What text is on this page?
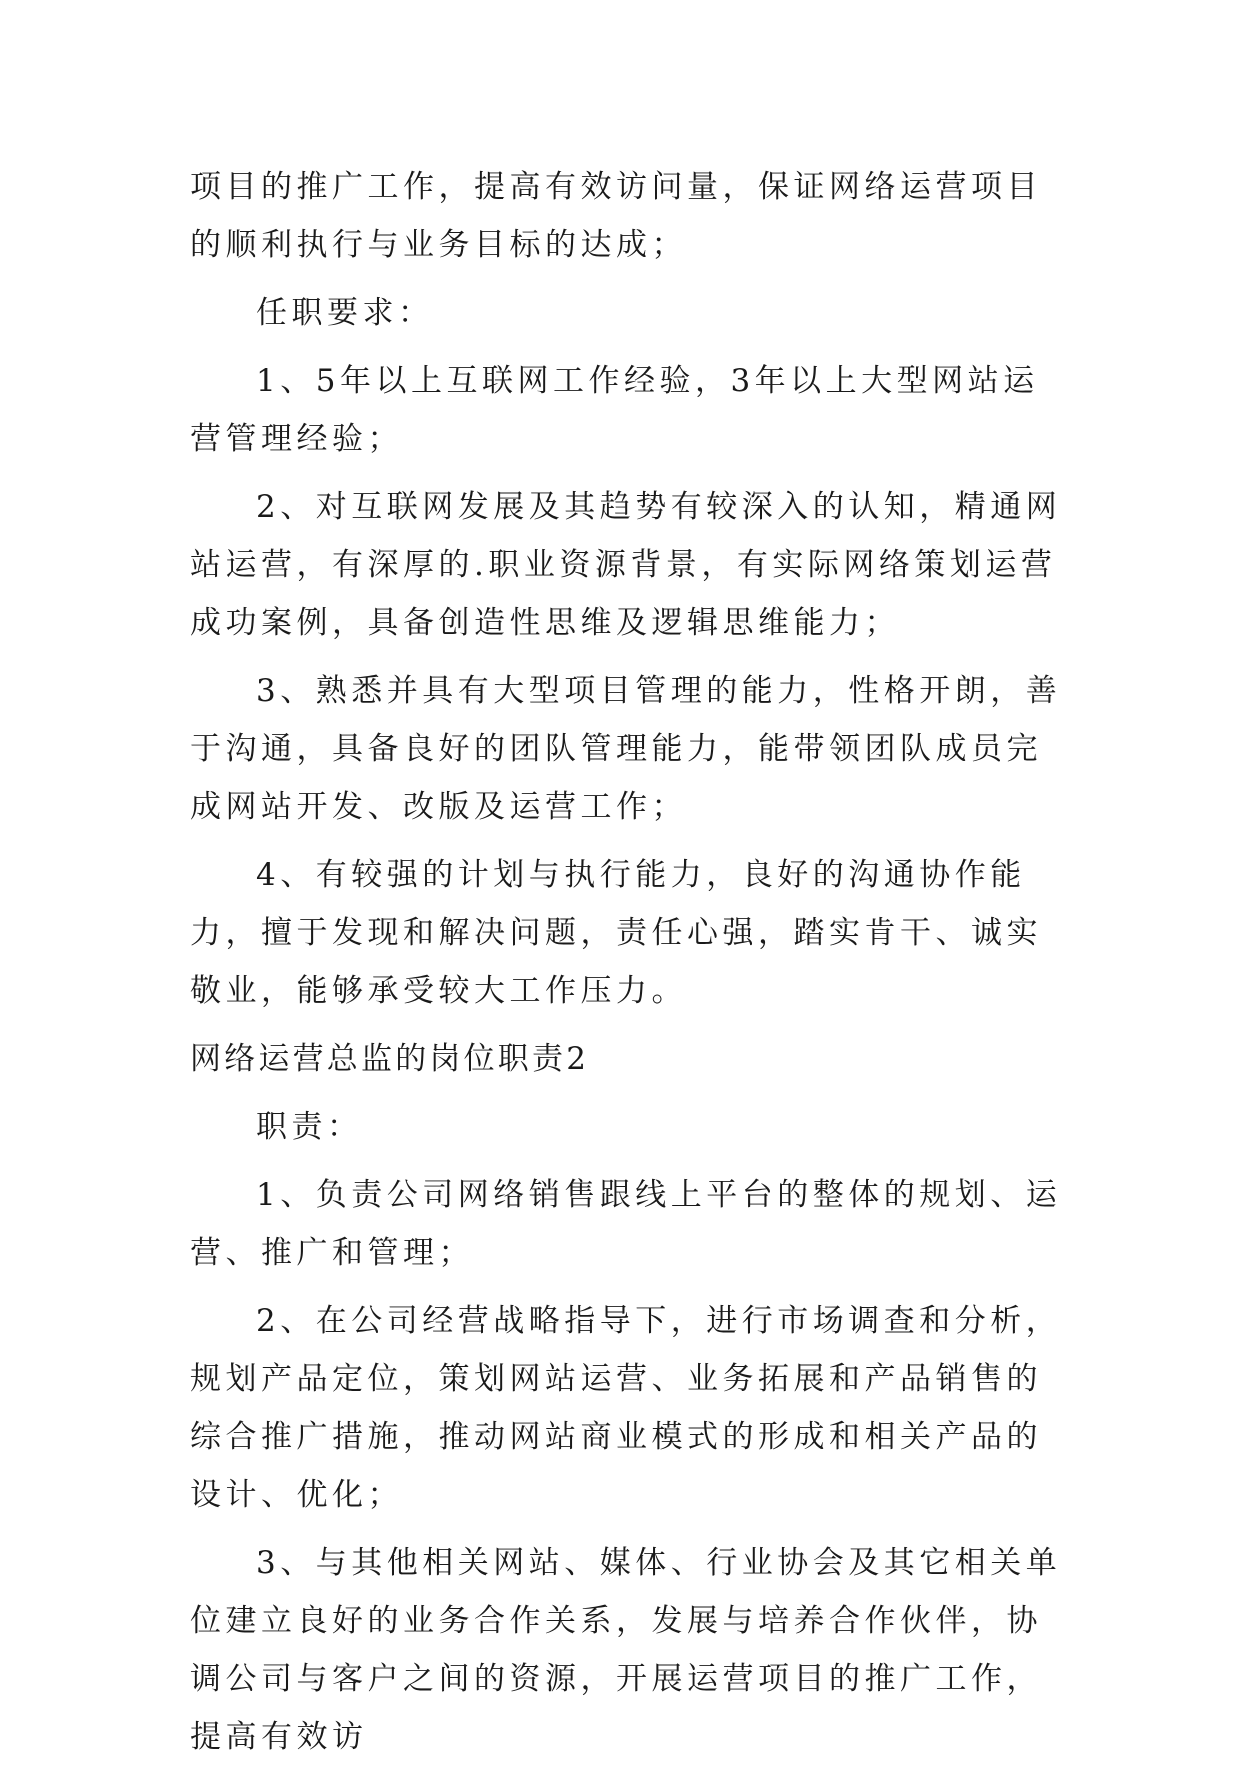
项目的推广工作，提高有效访问量，保证网络运营项目的顺利执行与业务目标的达成；

任职要求：

1、5年以上互联网工作经验，3年以上大型网站运营管理经验；

2、对互联网发展及其趋势有较深入的认知，精通网站运营，有深厚的.职业资源背景，有实际网络策划运营成功案例，具备创造性思维及逻辑思维能力；

3、熟悉并具有大型项目管理的能力，性格开朗，善于沟通，具备良好的团队管理能力，能带领团队成员完成网站开发、改版及运营工作；

4、有较强的计划与执行能力，良好的沟通协作能力，擅于发现和解决问题，责任心强，踏实肯干、诚实敬业，能够承受较大工作压力。

网络运营总监的岗位职责2

职责：

1、负责公司网络销售跟线上平台的整体的规划、运营、推广和管理；

2、在公司经营战略指导下，进行市场调查和分析，规划产品定位，策划网站运营、业务拓展和产品销售的综合推广措施，推动网站商业模式的形成和相关产品的设计、优化；

3、与其他相关网站、媒体、行业协会及其它相关单位建立良好的业务合作关系，发展与培养合作伙伴，协调公司与客户之间的资源，开展运营项目的推广工作，提高有效访
